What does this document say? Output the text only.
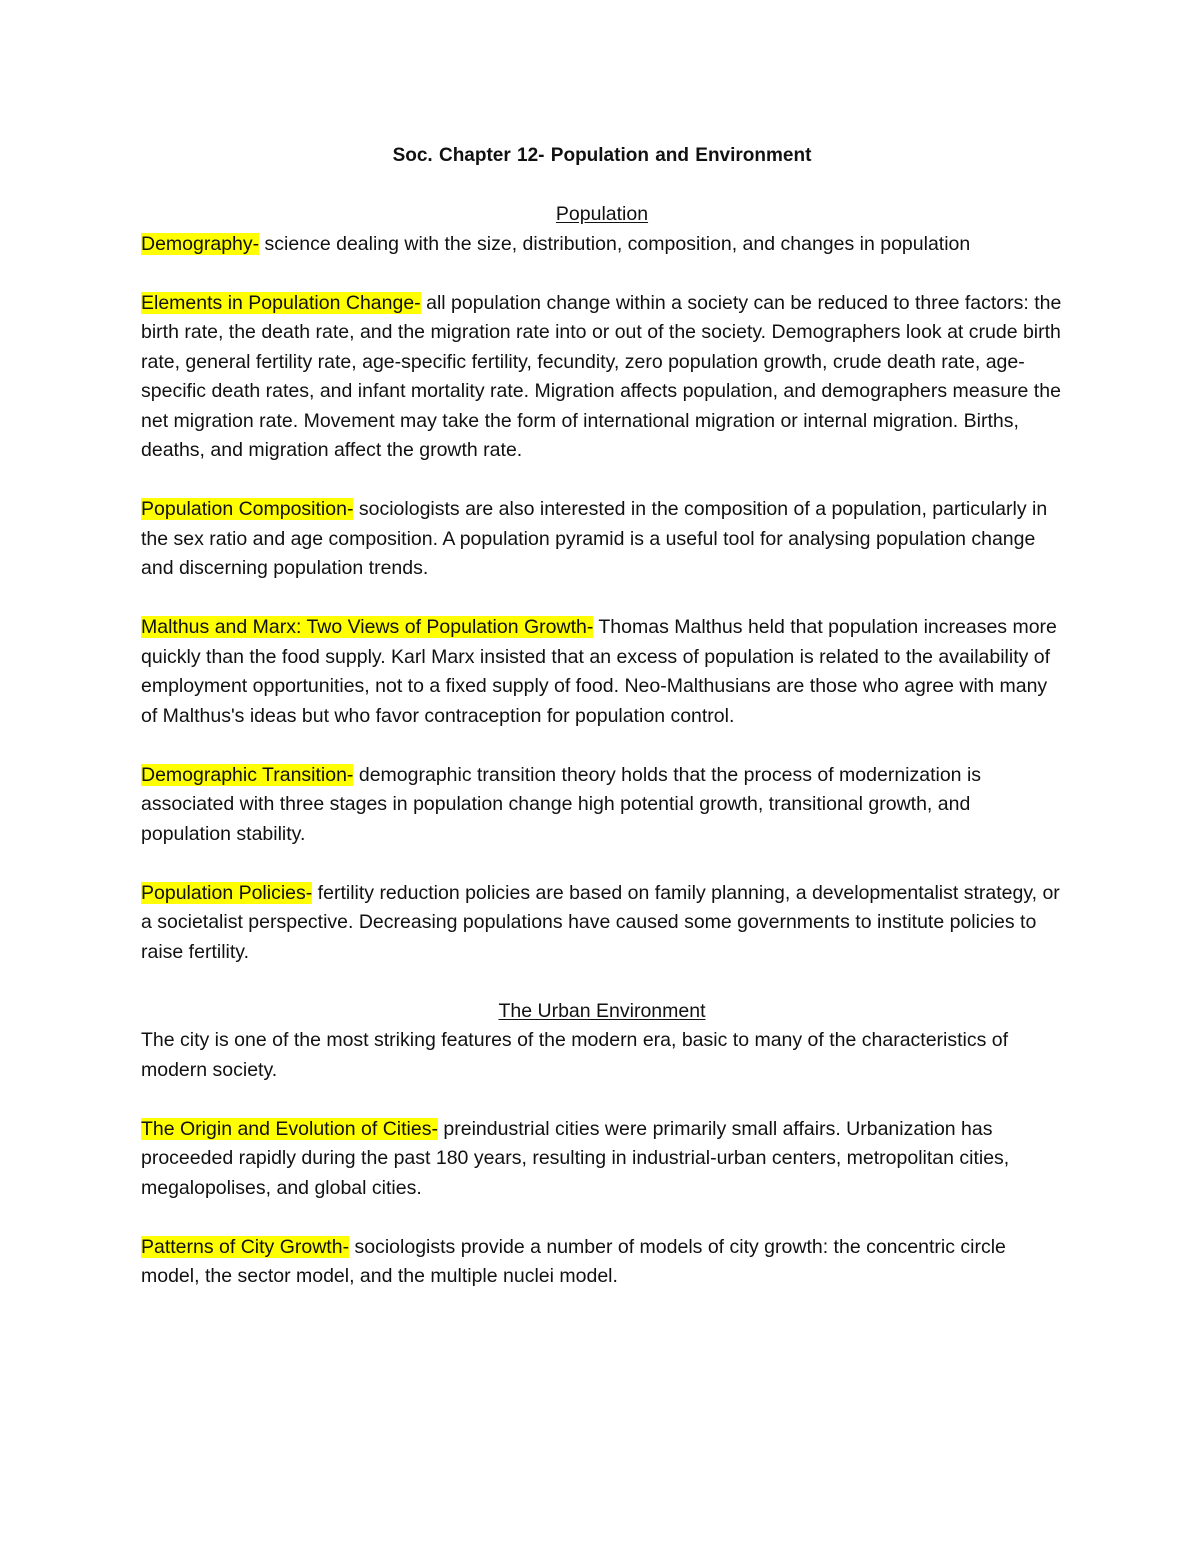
Soc. Chapter 12- Population and Environment
Population

Demography- science dealing with the size, distribution, composition, and changes in population

Elements in Population Change- all population change within a society can be reduced to three factors: the birth rate, the death rate, and the migration rate into or out of the society. Demographers look at crude birth rate, general fertility rate, age-specific fertility, fecundity, zero population growth, crude death rate, age-specific death rates, and infant mortality rate. Migration affects population, and demographers measure the net migration rate. Movement may take the form of international migration or internal migration. Births, deaths, and migration affect the growth rate.

Population Composition- sociologists are also interested in the composition of a population, particularly in the sex ratio and age composition. A population pyramid is a useful tool for analysing population change and discerning population trends.

Malthus and Marx: Two Views of Population Growth- Thomas Malthus held that population increases more quickly than the food supply. Karl Marx insisted that an excess of population is related to the availability of employment opportunities, not to a fixed supply of food. Neo-Malthusians are those who agree with many of Malthus's ideas but who favor contraception for population control.

Demographic Transition- demographic transition theory holds that the process of modernization is associated with three stages in population change high potential growth, transitional growth, and population stability.

Population Policies- fertility reduction policies are based on family planning, a developmentalist strategy, or a societalist perspective. Decreasing populations have caused some governments to institute policies to raise fertility.

The Urban Environment

The city is one of the most striking features of the modern era, basic to many of the characteristics of modern society.

The Origin and Evolution of Cities- preindustrial cities were primarily small affairs. Urbanization has proceeded rapidly during the past 180 years, resulting in industrial-urban centers, metropolitan cities, megalopolises, and global cities.

Patterns of City Growth- sociologists provide a number of models of city growth: the concentric circle model, the sector model, and the multiple nuclei model.
